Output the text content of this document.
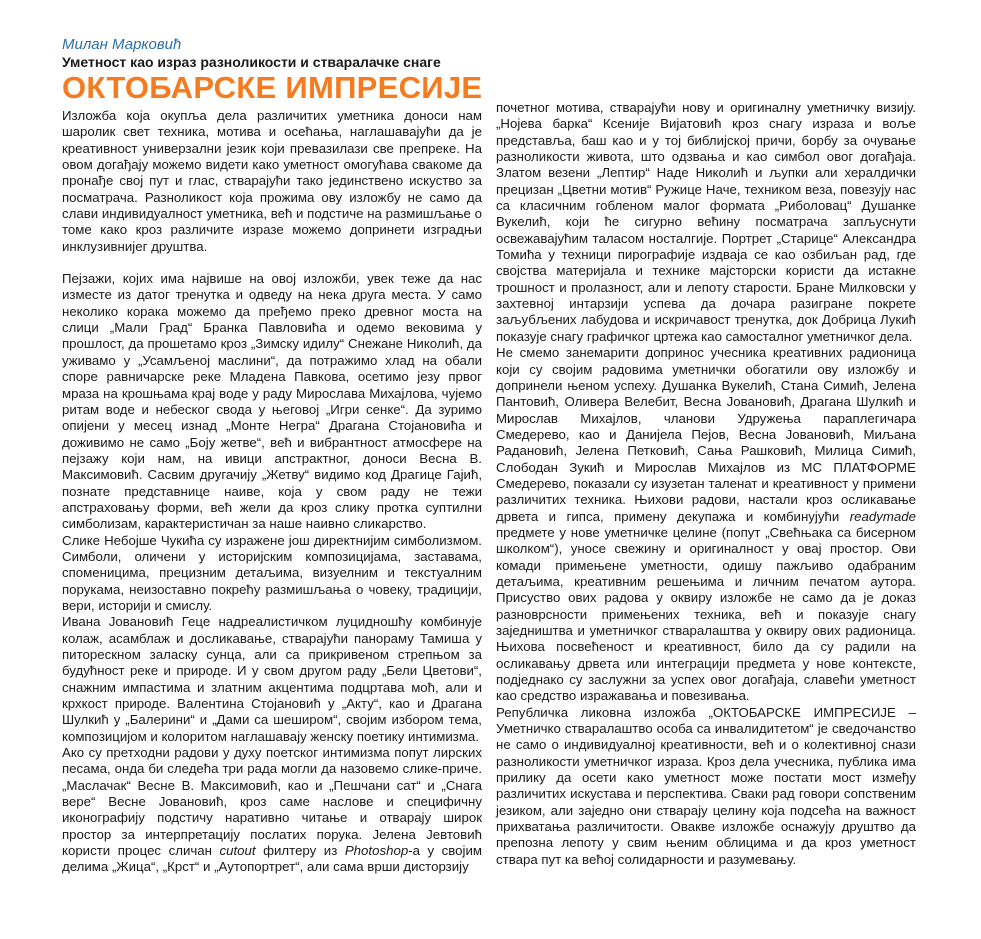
Милан Марковић

Уметност као израз разноликости и стваралачке снаге

ОКТОБАРСКЕ ИМПРЕСИЈЕ

Изложба која окупља дела различитих уметника доноси нам шаролик свет техника, мотива и осећања, наглашавајући да је креативност универзални језик који превазилази све препреке. На овом догађају можемо видети како уметност омогућава свакоме да пронађе свој пут и глас, стварајући тако јединствено искуство за посматрача. Разноликост која прожима ову изложбу не само да слави индивидуалност уметника, већ и подстиче на размишљање о томе како кроз различите изразе можемо допринети изградњи инклузивнијег друштва.

Пејзажи, којих има највише на овој изложби, увек теже да нас изместе из датог тренутка и одведу на нека друга места. У само неколико корака можемо да пређемо преко древног моста на слици „Мали Град“ Бранка Павловића и одемо вековима у прошлост, да прошетамо кроз „Зимску идилу“ Снежане Николић, да уживамо у „Усамљеној маслини“, да потражимо хлад на обали споре равничарске реке Младена Павкова, осетимо језу првог мраза на крошњама крај воде у раду Мирослава Михајлова, чујемо ритам воде и небеског свода у његовој „Игри сенке“. Да зуримо опијени у месец изнад „Монте Негра“ Драгана Стојановића и доживимо не само „Боју жетве“, већ и вибрантност атмосфере на пејзажу који нам, на ивици апстрактног, доноси Весна В. Максимовић. Сасвим другачију „Жетву“ видимо код Драгице Гајић, познате представнице наиве, која у свом раду не тежи апстраховању форми, већ жели да кроз слику протка суптилни симболизам, карактеристичан за наше наивно сликарство.

Слике Небојше Чукића су изражене још директнијим симболизмом. Симболи, оличени у историјским композицијама, заставама, споменицима, прецизним детаљима, визуелним и текстуалним порукама, неизоставно покрећу размишљања о човеку, традицији, вери, историји и смислу.

Ивана Јовановић Геце надреалистичком луцидношћу комбинује колаж, асамблаж и досликавање, стварајући панораму Тамиша у питорескном заласку сунца, али са прикривеном стрепњом за будућност реке и природе. И у свом другом раду „Бели Цветови“, снажним импастима и златним акцентима подцртава моћ, али и крхкост природе. Валентина Стојановић у „Акту“, као и Драгана Шулкић у „Балерини“ и „Дами са шеширом“, својим избором тема, композицијом и колоритом наглашавају женску поетику интимизма.

Ако су претходни радови у духу поетског интимизма попут лирских песама, онда би следећа три рада могли да назовемо слике-приче. „Маслачак“ Весне В. Максимовић, као и „Пешчани сат“ и „Снага вере“ Весне Јовановић, кроз саме наслове и специфичну иконографију подстичу наративно читање и отварају широк простор за интерпретацију послатих порука. Јелена Јевтовић користи процес сличан cutout филтеру из Photoshop-а у својим делима „Жица“, „Крст“ и „Аутопортрет“, али сама врши дисторзију

почетног мотива, стварајући нову и оригиналну уметничку визију. „Нојева барка“ Ксеније Вијатовић кроз снагу израза и воље представља, баш као и у тој библијској причи, борбу за очување разноликости живота, што одзвања и као симбол овог догађаја. Златом везени „Лептир“ Наде Николић и љупки али хералдички прецизан „Цветни мотив“ Ружице Наче, техником веза, повезују нас са класичним гобленом малог формата „Риболовац“ Душанке Вукелић, који ће сигурно већину посматрача запљуснути освежавајућим таласом носталгије. Портрет „Старице“ Александра Томића у техници пирографије издваја се као озбиљан рад, где својства материјала и технике мајсторски користи да истакне трошност и пролазност, али и лепоту старости. Бране Милковски у захтевној интарзији успева да дочара разигране покрете заљубљених лабудова и искричавост тренутка, док Добрица Лукић показује снагу графичког цртежа као самосталног уметничког дела.

Не смемо занемарити допринос учесника креативних радионица који су својим радовима уметнички обогатили ову изложбу и допринели њеном успеху. Душанка Вукелић, Стана Симић, Јелена Пантовић, Оливера Велебит, Весна Јовановић, Драгана Шулкић и Мирослав Михајлов, чланови Удружења параплегичара Смедерево, као и Данијела Пејов, Весна Јовановић, Миљана Радановић, Јелена Петковић, Сања Рашковић, Милица Симић, Слободан Зукић и Мирослав Михајлов из МС ПЛАТФОРМЕ Смедерево, показали су изузетан таленат и креативност у примени различитих техника. Њихови радови, настали кроз осликавање дрвета и гипса, примену декупажа и комбинујући readymade предмете у нове уметничке целине (попут „Свећњака са бисерном школком“), уносе свежину и оригиналност у овај простор. Ови комади примењене уметности, одишу пажљиво одабраним детаљима, креативним решењима и личним печатом аутора. Присуство ових радова у оквиру изложбе не само да је доказ разноврсности примењених техника, већ и показује снагу заједништва и уметничког стваралаштва у оквиру ових радионица. Њихова посвећеност и креативност, било да су радили на осликавању дрвета или интеграцији предмета у нове контексте, подједнако су заслужни за успех овог догађаја, славећи уметност као средство изражавања и повезивања.

Републичка ликовна изложба „ОКТОБАРСКЕ ИМПРЕСИЈЕ – Уметничко стваралаштво особа са инвалидитетом“ је сведочанство не само о индивидуалној креативности, већ и о колективној снази разноликости уметничког израза. Кроз дела учесника, публика има прилику да осети како уметност може постати мост између различитих искустава и перспектива. Сваки рад говори сопственим језиком, али заједно они стварају целину која подсећа на важност прихватања различитости. Овакве изложбе оснажују друштво да препозна лепоту у свим њеним облицима и да кроз уметност ствара пут ка већој солидарности и разумевању.
